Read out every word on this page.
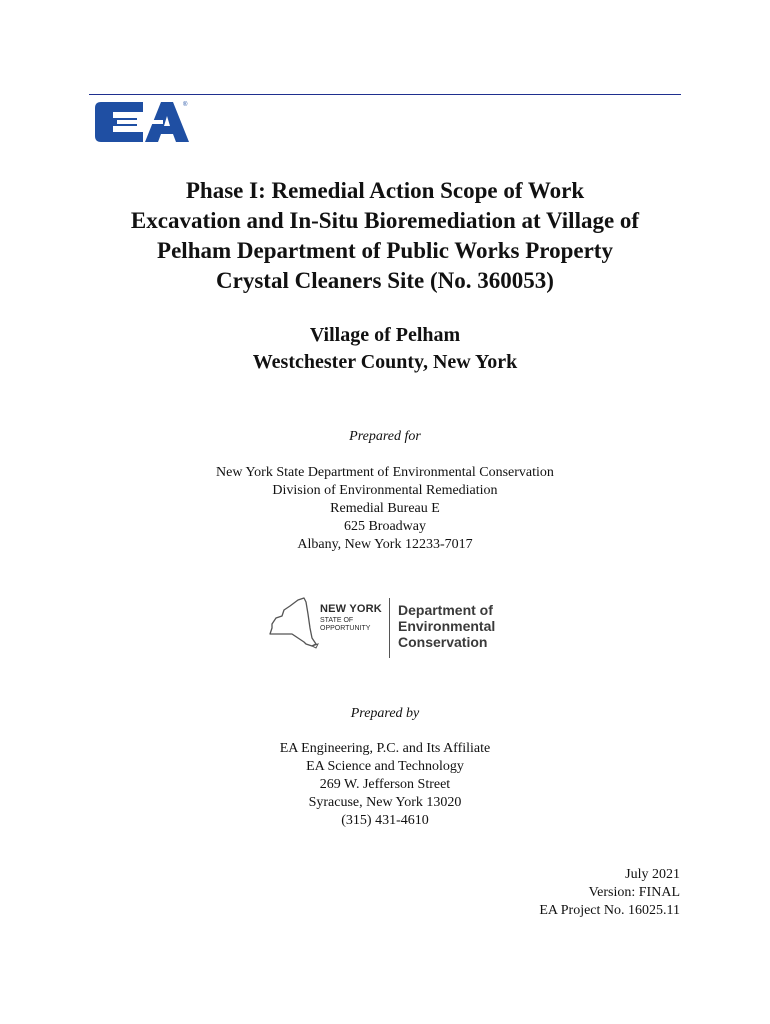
®
Phase I: Remedial Action Scope of Work
Excavation and In-Situ Bioremediation at Village of
Pelham Department of Public Works Property
Crystal Cleaners Site (No. 360053)
Village of Pelham
Westchester County, New York
Prepared for
New York State Department of Environmental Conservation
Division of Environmental Remediation
Remedial Bureau E
625 Broadway
Albany, New York 12233-7017
NEW YORK
STATE OF
OPPORTUNITY
Department of
Environmental
Conservation
Prepared by
EA Engineering, P.C. and Its Affiliate
EA Science and Technology
269 W. Jefferson Street
Syracuse, New York 13020
(315) 431-4610
July 2021
Version: FINAL
EA Project No. 16025.11
